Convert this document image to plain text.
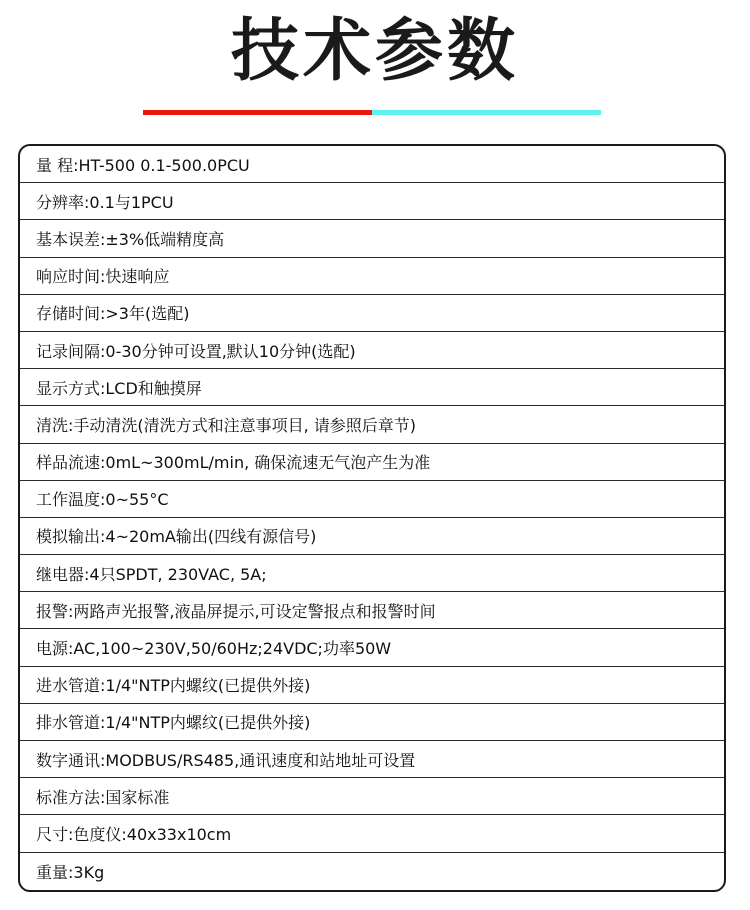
技术参数
量 程:HT-500 0.1-500.0PCU
分辨率:0.1与1PCU
基本误差:±3%低端精度高
响应时间:快速响应
存储时间:>3年(选配)
记录间隔:0-30分钟可设置,默认10分钟(选配)
显示方式:LCD和触摸屏
清洗:手动清洗(清洗方式和注意事项目, 请参照后章节)
样品流速:0mL~300mL/min, 确保流速无气泡产生为准
工作温度:0~55°C
模拟输出:4~20mA输出(四线有源信号)
继电器:4只SPDT, 230VAC, 5A;
报警:两路声光报警,液晶屏提示,可设定警报点和报警时间
电源:AC,100~230V,50/60Hz;24VDC;功率50W
进水管道:1/4"NTP内螺纹(已提供外接)
排水管道:1/4"NTP内螺纹(已提供外接)
数字通讯:MODBUS/RS485,通讯速度和站地址可设置
标准方法:国家标准
尺寸:色度仪:40x33x10cm
重量:3Kg
